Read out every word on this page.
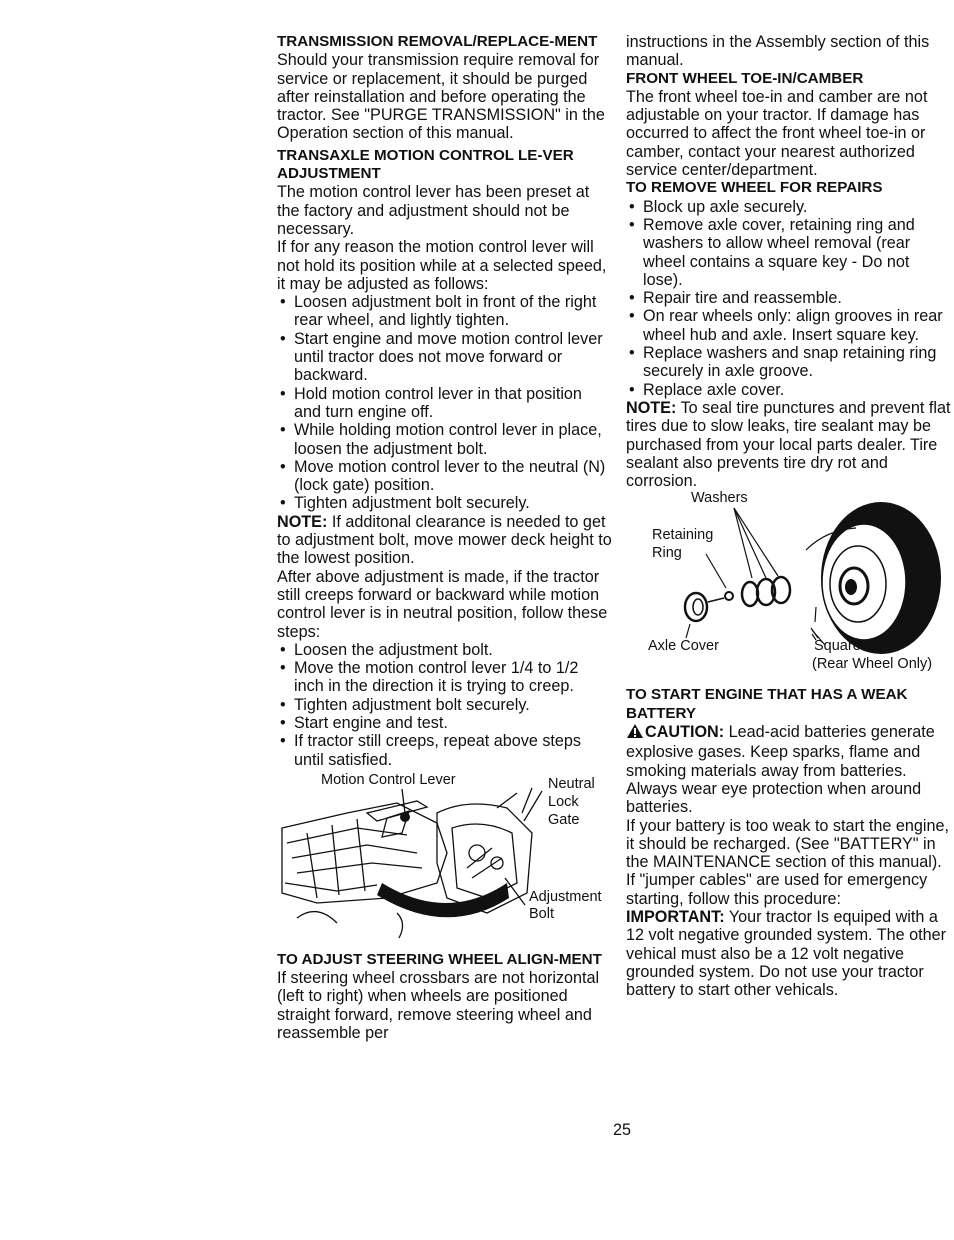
TRANSMISSION REMOVAL/REPLACE-MENT

Should your transmission require removal for service or replacement, it should be purged after reinstallation and before operating the tractor. See "PURGE TRANSMISSION" in the Operation section of this manual.

TRANSAXLE MOTION CONTROL LE-VER ADJUSTMENT

The motion control lever has been preset at the factory and adjustment should not be necessary.

If for any reason the motion control lever will not hold its position while at a selected speed, it may be adjusted as follows:

• Loosen adjustment bolt in front of the right rear wheel, and lightly tighten.
• Start engine and move motion control lever until tractor does not move forward or backward.
• Hold motion control lever in that position and turn engine off.
• While holding motion control lever in place, loosen the adjustment bolt.
• Move motion control lever to the neutral (N) (lock gate) position.
• Tighten adjustment bolt securely.

NOTE: If additonal clearance is needed to get to adjustment bolt, move mower deck height to the lowest position.

After above adjustment is made, if the tractor still creeps forward or backward while motion control lever is in neutral position, follow these steps:

• Loosen the adjustment bolt.
• Move the motion control lever 1/4 to 1/2 inch in the direction it is trying to creep.
• Tighten adjustment bolt securely.
• Start engine and test.
• If tractor still creeps, repeat above steps until satisfied.
Motion Control Lever	Neutral
Lock
Gate
Adjustment
Bolt

TO ADJUST STEERING WHEEL ALIGN-MENT

If steering wheel crossbars are not horizontal (left to right) when wheels are positioned straight forward, remove steering wheel and reassemble per

instructions in the Assembly section of this manual.

FRONT WHEEL TOE-IN/CAMBER

The front wheel toe-in and camber are not adjustable on your tractor. If damage has occurred to affect the front wheel toe-in or camber, contact your nearest authorized service center/department.

TO REMOVE WHEEL FOR REPAIRS

• Block up axle securely.
• Remove axle cover, retaining ring and washers to allow wheel removal (rear wheel contains a square key - Do not lose).
• Repair tire and reassemble.
• On rear wheels only: align grooves in rear wheel hub and axle. Insert square key.
• Replace washers and snap retaining ring securely in axle groove.
• Replace axle cover.

NOTE: To seal tire punctures and prevent flat tires due to slow leaks, tire sealant may be purchased from your local parts dealer. Tire sealant also prevents tire dry rot and corrosion.

Washers
Retaining
Ring
Axle Cover	Square Key
(Rear Wheel Only)

TO START ENGINE THAT HAS A WEAK BATTERY

CAUTION: Lead-acid batteries generate explosive gases. Keep sparks, flame and smoking materials away from batteries. Always wear eye protection when around batteries.

If your battery is too weak to start the engine, it should be recharged. (See "BATTERY" in the MAINTENANCE section of this manual).

If "jumper cables" are used for emergency starting, follow this procedure:

IMPORTANT: Your tractor Is equiped with a 12 volt negative grounded system. The other vehical must also be a 12 volt negative grounded system. Do not use your tractor battery to start other vehicals.

25
